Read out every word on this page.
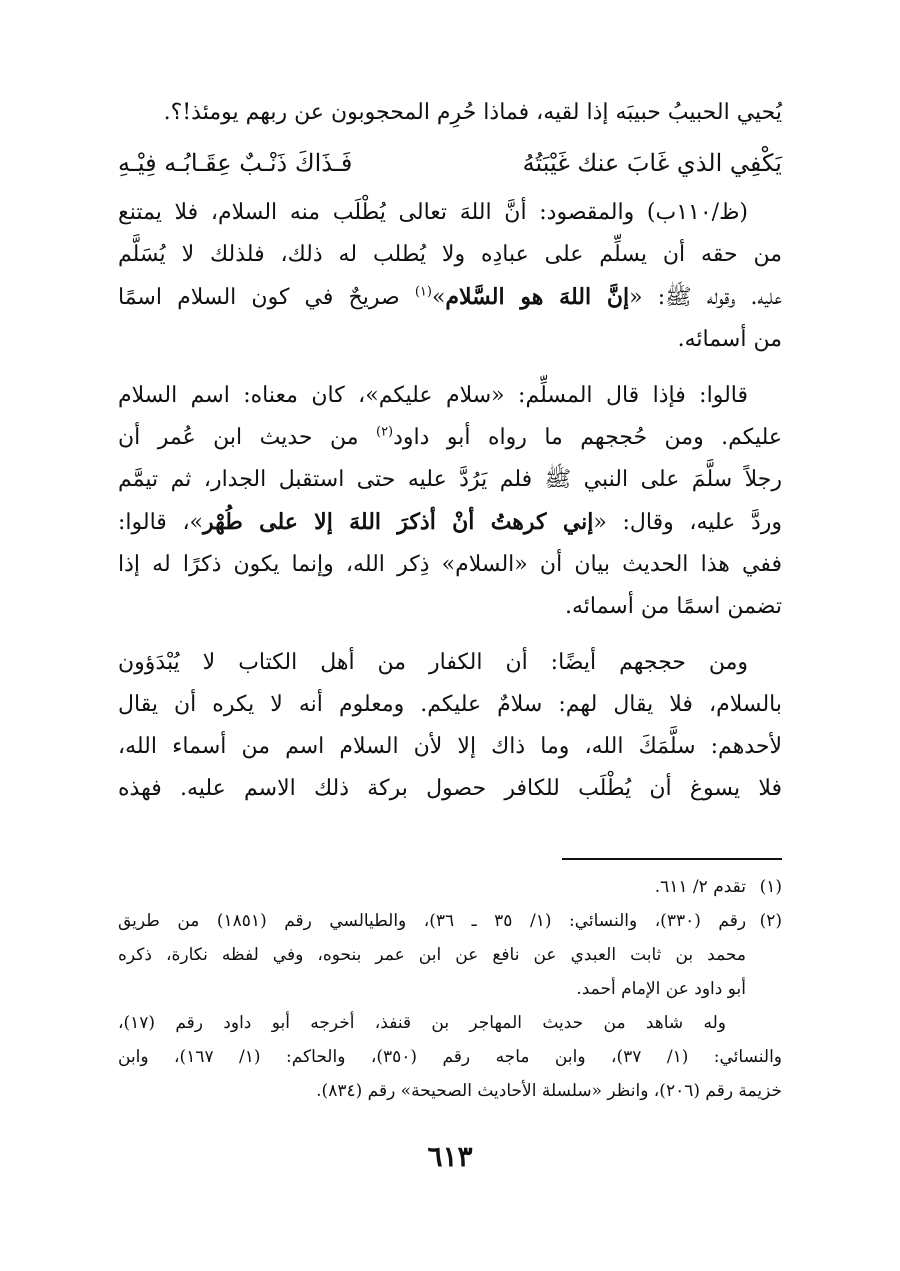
يُحيي الحبيبُ حبيبَه إذا لقيه، فماذا حُرِم المحجوبون عن ربهم يومئذ!؟.

يَكْفِي الذي غَابَ عنك غَيْبَتُهُ
فَـذَاكَ ذَنْـبٌ عِقَـابُـه فِيْـهِ

(ظ/١١٠ب) والمقصود: أنَّ اللهَ تعالى يُطْلَب منه السلام، فلا يمتنع

من حقه أن يسلِّم على عبادِه ولا يُطلب له ذلك، فلذلك لا يُسَلَّم

عليه. وقوله ﷺ: «إنَّ اللهَ هو السَّلام»$^{(١)}$ صريحٌ في كون السلام اسمًا

من أسمائه.

قالوا: فإذا قال المسلِّم: «سلام عليكم»، كان معناه: اسم السلام

عليكم. ومن حُججهم ما رواه أبو داود$^{(٢)}$ من حديث ابن عُمر أن

رجلاً سلَّمَ على النبي ﷺ فلم يَرُدَّ عليه حتى استقبل الجدار، ثم تيمَّم

وردَّ عليه، وقال: «إني كرهتُ أنْ أذكرَ اللهَ إلا على طُهْر»، قالوا:

ففي هذا الحديث بيان أن «السلام» ذِكر الله، وإنما يكون ذكرًا له إذا

تضمن اسمًا من أسمائه.

ومن حججهم أيضًا: أن الكفار من أهل الكتاب لا يُبْدَؤون

بالسلام، فلا يقال لهم: سلامٌ عليكم. ومعلوم أنه لا يكره أن يقال

لأحدهم: سلَّمَكَ الله، وما ذاك إلا لأن السلام اسم من أسماء الله،

فلا يسوغ أن يُطْلَب للكافر حصول بركة ذلك الاسم عليه. فهذه

(١)تقدم ٢/ ٦١١.

(٢)رقم (٣٣٠)، والنسائي: (١/ ٣٥ ـ ٣٦)، والطيالسي رقم (١٨٥١) من طريق

محمد بن ثابت العبدي عن نافع عن ابن عمر بنحوه، وفي لفظه نكارة، ذكره

أبو داود عن الإمام أحمد.

وله شاهد من حديث المهاجر بن قنفذ، أخرجه أبو داود رقم (١٧)،

والنسائي: (١/ ٣٧)، وابن ماجه رقم (٣٥٠)، والحاكم: (١/ ١٦٧)، وابن

خزيمة رقم (٢٠٦)، وانظر «سلسلة الأحاديث الصحيحة» رقم (٨٣٤).

٦١٣
